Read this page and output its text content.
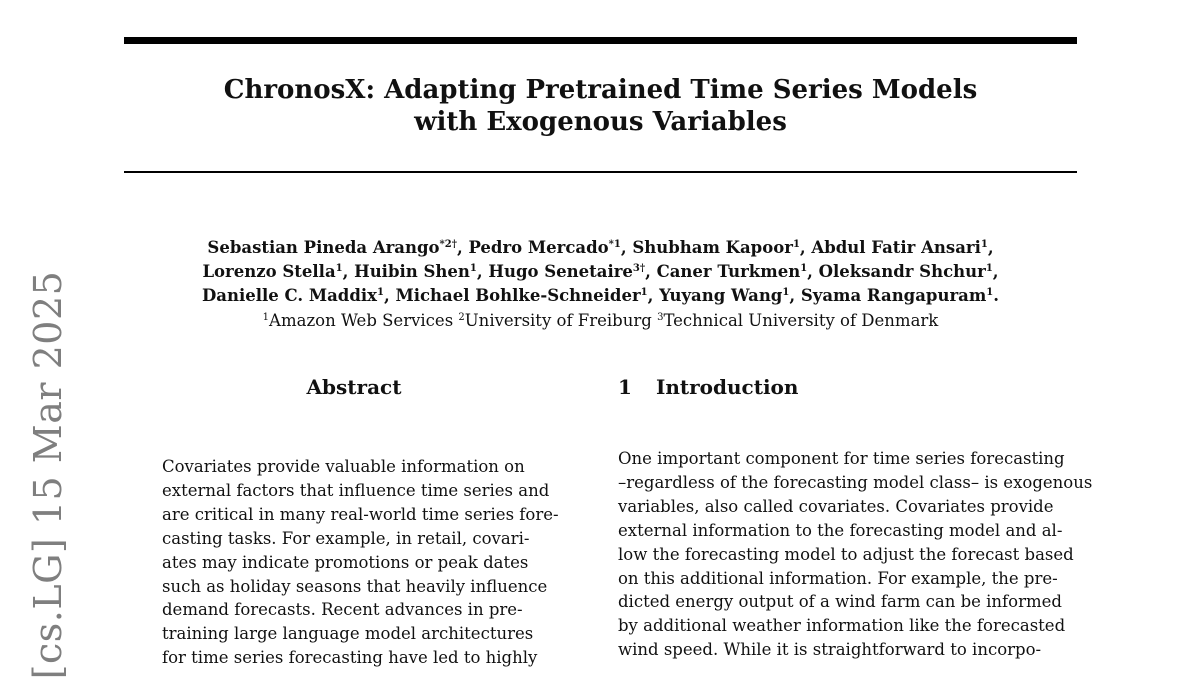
ChronosX: Adapting Pretrained Time Series Models
with Exogenous Variables
Sebastian Pineda Arango$^{*2\dagger}$, Pedro Mercado$^{*1}$, Shubham Kapoor$^1$, Abdul Fatir Ansari$^1$,
Lorenzo Stella$^1$, Huibin Shen$^1$, Hugo Senetaire$^{3\dagger}$, Caner Turkmen$^1$, Oleksandr Shchur$^1$,
Danielle C. Maddix$^1$, Michael Bohlke-Schneider$^1$, Yuyang Wang$^1$, Syama Rangapuram$^1$.
$^1$Amazon Web Services $^2$University of Freiburg $^3$Technical University of Denmark
Abstract	1 Introduction
Covariates provide valuable information on
external factors that influence time series and
are critical in many real-world time series fore-
casting tasks. For example, in retail, covari-
ates may indicate promotions or peak dates
such as holiday seasons that heavily influence
demand forecasts. Recent advances in pre-
training large language model architectures
for time series forecasting have led to highly
One important component for time series forecasting
–regardless of the forecasting model class– is exogenous
variables, also called covariates. Covariates provide
external information to the forecasting model and al-
low the forecasting model to adjust the forecast based
on this additional information. For example, the pre-
dicted energy output of a wind farm can be informed
by additional weather information like the forecasted
wind speed. While it is straightforward to incorpo-
[cs.LG] 15 Mar 2025
